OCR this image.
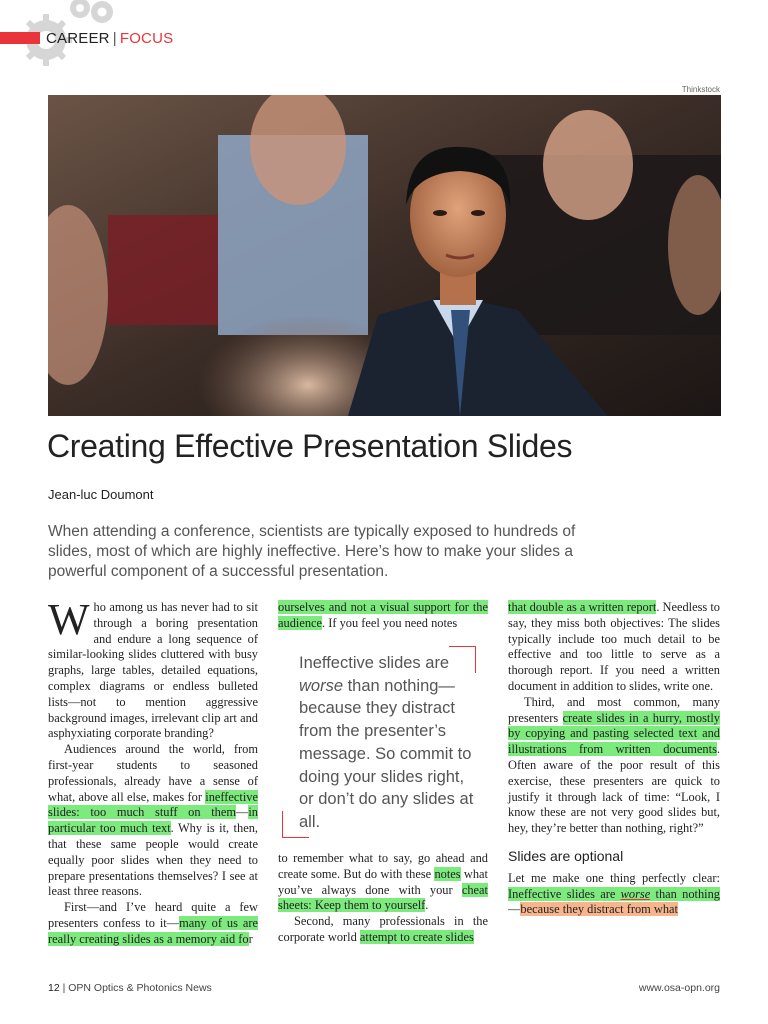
CAREER | FOCUS
Thinkstock
Creating Effective Presentation Slides
Jean-luc Doumont
When attending a conference, scientists are typically exposed to hundreds of slides, most of which are highly ineffective. Here’s how to make your slides a powerful component of a successful presentation.

Who among us has never had to sit through a boring presentation and endure a long sequence of similar-looking slides cluttered with busy graphs, large tables, detailed equations, complex diagrams or endless bulleted lists—not to mention aggressive background images, irrelevant clip art and asphyxiating corporate branding?

Audiences around the world, from first-year students to seasoned professionals, already have a sense of what, above all else, makes for ineffective slides: too much stuff on them—in particular too much text. Why is it, then, that these same people would create equally poor slides when they need to prepare presentations themselves? I see at least three reasons.

First—and I’ve heard quite a few presenters confess to it—many of us are really creating slides as a memory aid for

ourselves and not a visual support for the audience. If you feel you need notes

Ineffective slides are worse than nothing—because they distract from the presenter’s message. So commit to doing your slides right, or don’t do any slides at all.

to remember what to say, go ahead and create some. But do with these notes what you’ve always done with your cheat sheets: Keep them to yourself.

Second, many professionals in the corporate world attempt to create slides

that double as a written report. Needless to say, they miss both objectives: The slides typically include too much detail to be effective and too little to serve as a thorough report. If you need a written document in addition to slides, write one.

Third, and most common, many presenters create slides in a hurry, mostly by copying and pasting selected text and illustrations from written documents. Often aware of the poor result of this exercise, these presenters are quick to justify it through lack of time: “Look, I know these are not very good slides but, hey, they’re better than nothing, right?”

Slides are optional

Let me make one thing perfectly clear: Ineffective slides are worse than nothing—because they distract from what

12 | OPN Optics & Photonics News	www.osa-opn.org
